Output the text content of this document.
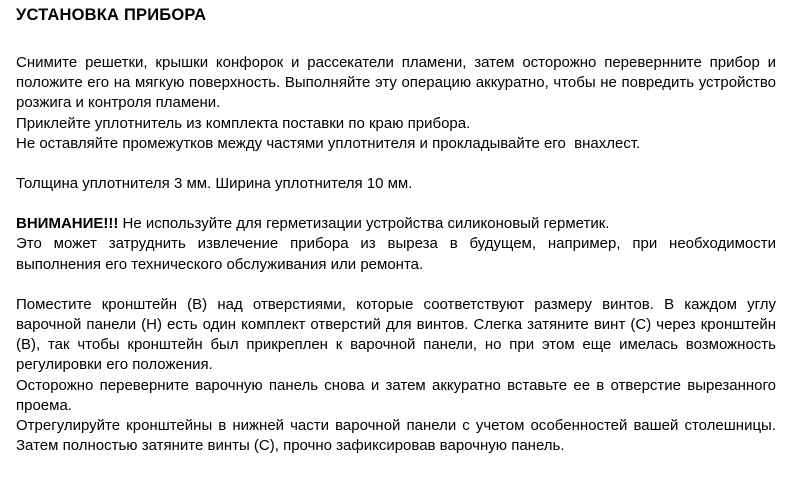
УСТАНОВКА ПРИБОРА

Снимите решетки, крышки конфорок и рассекатели пламени, затем осторожно перевернните прибор и положите его на мягкую поверхность. Выполняйте эту операцию аккуратно, чтобы не повредить устройство розжига и контроля пламени.

Приклейте уплотнитель из комплекта поставки по краю прибора.

Не оставляйте промежутков между частями уплотнителя и прокладывайте его  внахлест.

Толщина уплотнителя 3 мм. Ширина уплотнителя 10 мм.

ВНИМАНИЕ!!! Не используйте для герметизации устройства силиконовый герметик.

Это может затруднить извлечение прибора из выреза в будущем, например, при необходимости выполнения его технического обслуживания или ремонта.

Поместите кронштейн (B) над отверстиями, которые соответствуют размеру винтов. В каждом углу варочной панели (H) есть один комплект отверстий для винтов. Слегка затяните винт (C) через кронштейн (B), так чтобы кронштейн был прикреплен к варочной панели, но при этом еще имелась возможность регулировки его положения.

Осторожно переверните варочную панель снова и затем аккуратно вставьте ее в отверстие вырезанного проема.

Отрегулируйте кронштейны в нижней части варочной панели с учетом особенностей вашей столешницы. Затем полностью затяните винты (C), прочно зафиксировав варочную панель.
